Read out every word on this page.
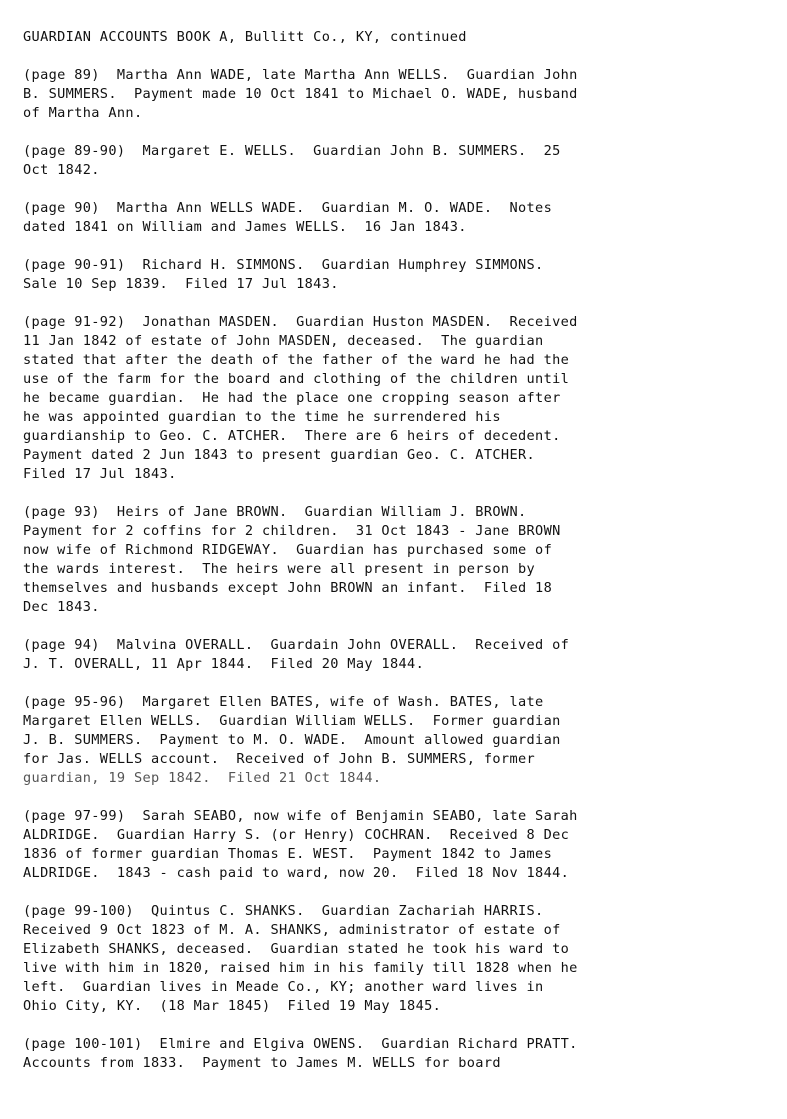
GUARDIAN ACCOUNTS BOOK A, Bullitt Co., KY, continued
(page 89)  Martha Ann WADE, late Martha Ann WELLS.  Guardian John
B. SUMMERS.  Payment made 10 Oct 1841 to Michael O. WADE, husband
of Martha Ann.
(page 89-90)  Margaret E. WELLS.  Guardian John B. SUMMERS.  25
Oct 1842.
(page 90)  Martha Ann WELLS WADE.  Guardian M. O. WADE.  Notes
dated 1841 on William and James WELLS.  16 Jan 1843.
(page 90-91)  Richard H. SIMMONS.  Guardian Humphrey SIMMONS.
Sale 10 Sep 1839.  Filed 17 Jul 1843.
(page 91-92)  Jonathan MASDEN.  Guardian Huston MASDEN.  Received
11 Jan 1842 of estate of John MASDEN, deceased.  The guardian
stated that after the death of the father of the ward he had the
use of the farm for the board and clothing of the children until
he became guardian.  He had the place one cropping season after
he was appointed guardian to the time he surrendered his
guardianship to Geo. C. ATCHER.  There are 6 heirs of decedent.
Payment dated 2 Jun 1843 to present guardian Geo. C. ATCHER.
Filed 17 Jul 1843.
(page 93)  Heirs of Jane BROWN.  Guardian William J. BROWN.
Payment for 2 coffins for 2 children.  31 Oct 1843 - Jane BROWN
now wife of Richmond RIDGEWAY.  Guardian has purchased some of
the wards interest.  The heirs were all present in person by
themselves and husbands except John BROWN an infant.  Filed 18
Dec 1843.
(page 94)  Malvina OVERALL.  Guardain John OVERALL.  Received of
J. T. OVERALL, 11 Apr 1844.  Filed 20 May 1844.
(page 95-96)  Margaret Ellen BATES, wife of Wash. BATES, late
Margaret Ellen WELLS.  Guardian William WELLS.  Former guardian
J. B. SUMMERS.  Payment to M. O. WADE.  Amount allowed guardian
for Jas. WELLS account.  Received of John B. SUMMERS, former
guardian, 19 Sep 1842.  Filed 21 Oct 1844.
(page 97-99)  Sarah SEABO, now wife of Benjamin SEABO, late Sarah
ALDRIDGE.  Guardian Harry S. (or Henry) COCHRAN.  Received 8 Dec
1836 of former guardian Thomas E. WEST.  Payment 1842 to James
ALDRIDGE.  1843 - cash paid to ward, now 20.  Filed 18 Nov 1844.
(page 99-100)  Quintus C. SHANKS.  Guardian Zachariah HARRIS.
Received 9 Oct 1823 of M. A. SHANKS, administrator of estate of
Elizabeth SHANKS, deceased.  Guardian stated he took his ward to
live with him in 1820, raised him in his family till 1828 when he
left.  Guardian lives in Meade Co., KY; another ward lives in
Ohio City, KY.  (18 Mar 1845)  Filed 19 May 1845.
(page 100-101)  Elmire and Elgiva OWENS.  Guardian Richard PRATT.
Accounts from 1833.  Payment to James M. WELLS for board
